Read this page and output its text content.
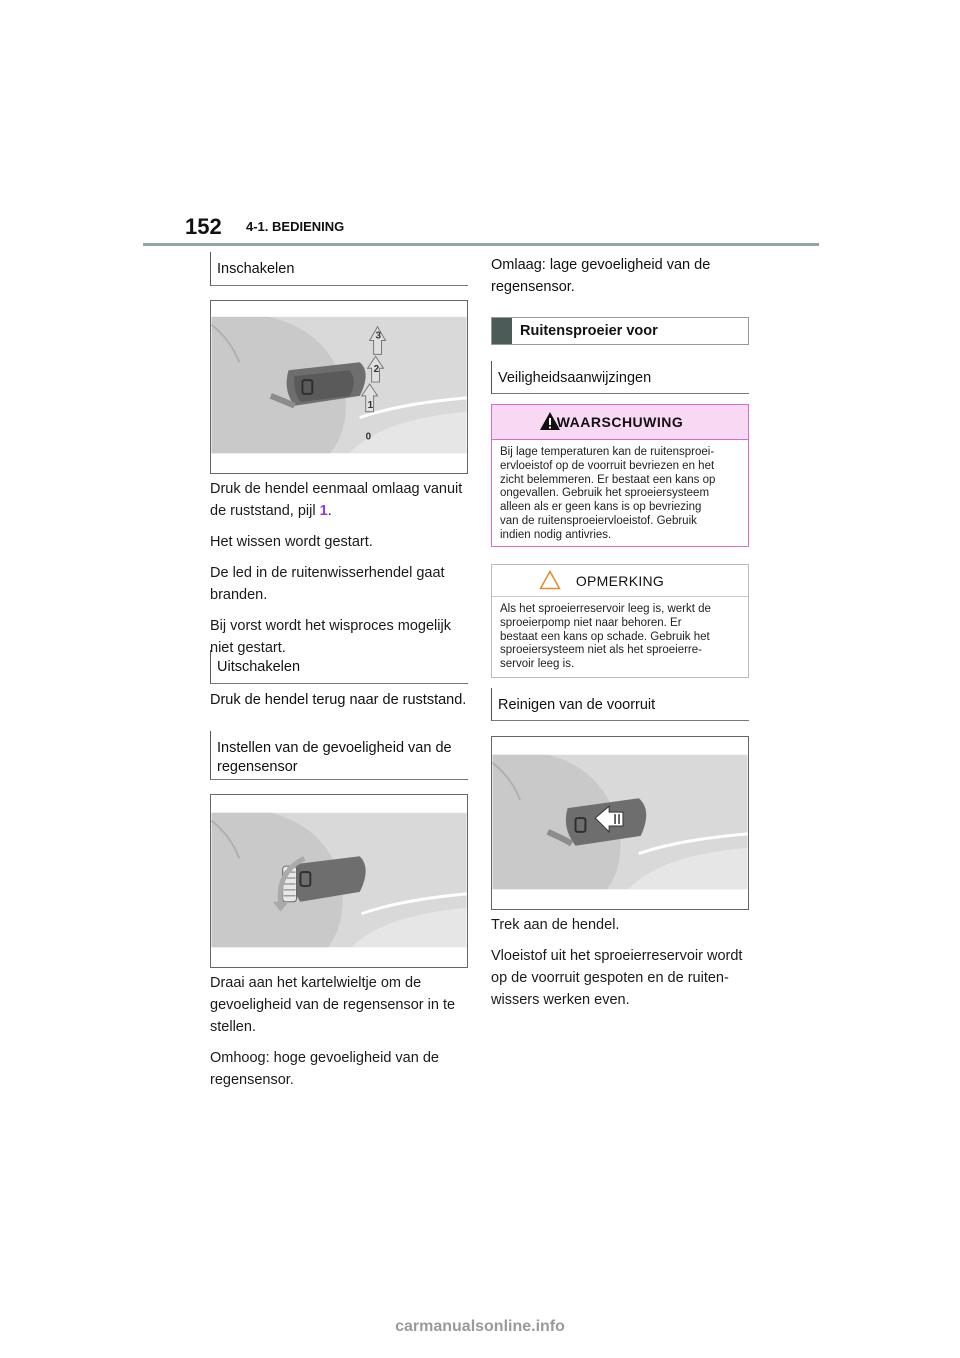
152 4-1. BEDIENING
Inschakelen
3
2
1
0

Druk de hendel eenmaal omlaag vanuit de ruststand, pijl 1.

Het wissen wordt gestart.

De led in de ruitenwisserhendel gaat branden.

Bij vorst wordt het wisproces mogelijk niet gestart.

Uitschakelen

Druk de hendel terug naar de ruststand.

Instellen van de gevoeligheid van de regensensor

Draai aan het kartelwieltje om de gevoeligheid van de regensensor in te stellen.

Omhoog: hoge gevoeligheid van de regensensor.

Omlaag: lage gevoeligheid van de regensensor.

Ruitensproeier voor
Veiligheidsaanwijzingen
WAARSCHUWING
Bij lage temperaturen kan de ruitensproei-
ervloeistof op de voorruit bevriezen en het
zicht belemmeren. Er bestaat een kans op
ongevallen. Gebruik het sproeiersysteem
alleen als er geen kans is op bevriezing
van de ruitensproeiervloeistof. Gebruik
indien nodig antivries.
OPMERKING
Als het sproeierreservoir leeg is, werkt de
sproeierpomp niet naar behoren. Er
bestaat een kans op schade. Gebruik het
sproeiersysteem niet als het sproeierre-
servoir leeg is.
Reinigen van de voorruit

Trek aan de hendel.

Vloeistof uit het sproeierreservoir wordt op de voorruit gespoten en de ruiten-wissers werken even.

carmanualsonline.info
